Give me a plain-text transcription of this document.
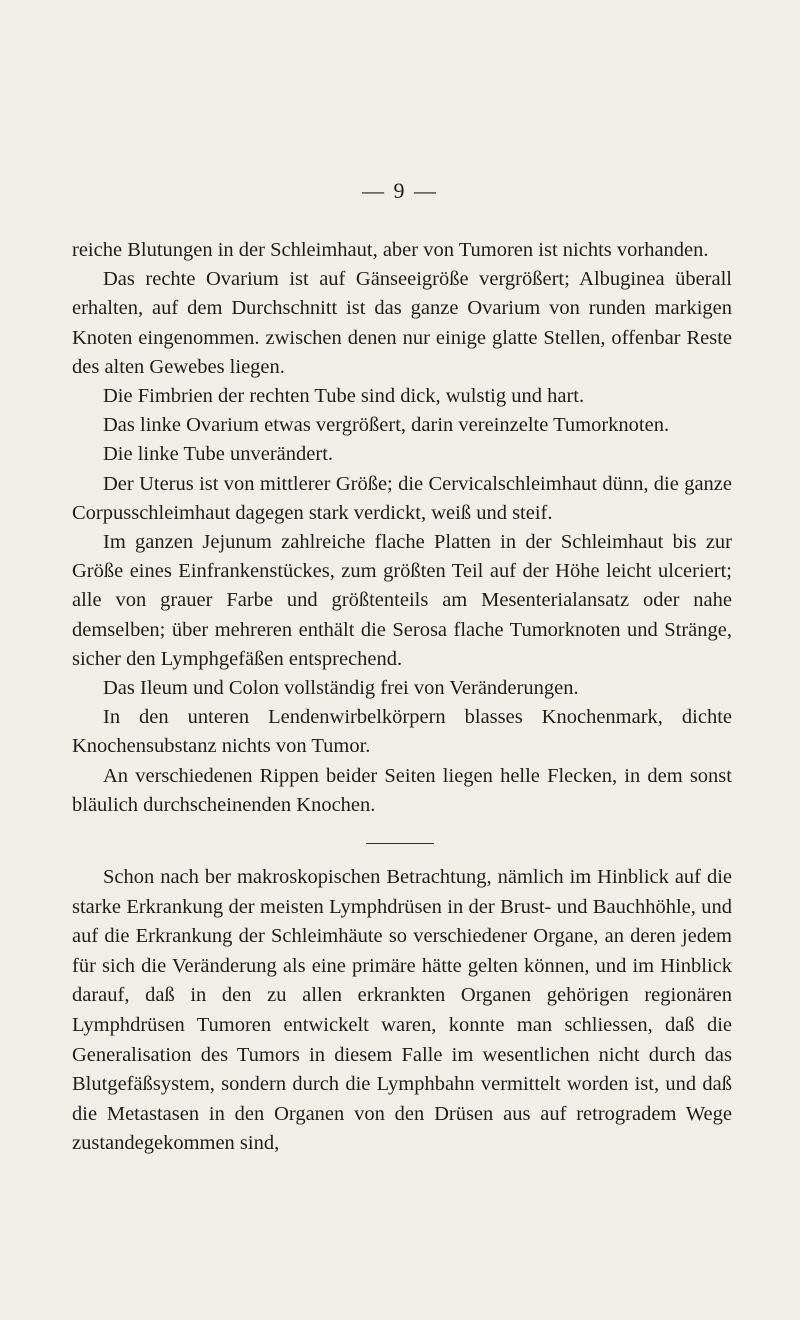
— 9 —

reiche Blutungen in der Schleimhaut, aber von Tumoren ist nichts vorhanden.

Das rechte Ovarium ist auf Gänseeigröße vergrößert; Albuginea überall erhalten, auf dem Durchschnitt ist das ganze Ovarium von runden markigen Knoten eingenommen. zwischen denen nur einige glatte Stellen, offenbar Reste des alten Gewebes liegen.

Die Fimbrien der rechten Tube sind dick, wulstig und hart.

Das linke Ovarium etwas vergrößert, darin vereinzelte Tumorknoten.

Die linke Tube unverändert.

Der Uterus ist von mittlerer Größe; die Cervicalschleimhaut dünn, die ganze Corpusschleimhaut dagegen stark verdickt, weiß und steif.

Im ganzen Jejunum zahlreiche flache Platten in der Schleimhaut bis zur Größe eines Einfrankenstückes, zum größten Teil auf der Höhe leicht ulceriert; alle von grauer Farbe und größtenteils am Mesenterialansatz oder nahe demselben; über mehreren enthält die Serosa flache Tumorknoten und Stränge, sicher den Lymphgefäßen entsprechend.

Das Ileum und Colon vollständig frei von Veränderungen.

In den unteren Lendenwirbelkörpern blasses Knochenmark, dichte Knochensubstanz nichts von Tumor.

An verschiedenen Rippen beider Seiten liegen helle Flecken, in dem sonst bläulich durchscheinenden Knochen.

Schon nach ber makroskopischen Betrachtung, nämlich im Hinblick auf die starke Erkrankung der meisten Lymphdrüsen in der Brust- und Bauchhöhle, und auf die Erkrankung der Schleimhäute so verschiedener Organe, an deren jedem für sich die Veränderung als eine primäre hätte gelten können, und im Hinblick darauf, daß in den zu allen erkrankten Organen gehörigen regionären Lymphdrüsen Tumoren entwickelt waren, konnte man schliessen, daß die Generalisation des Tumors in diesem Falle im wesentlichen nicht durch das Blutgefäßsystem, sondern durch die Lymphbahn vermittelt worden ist, und daß die Metastasen in den Organen von den Drüsen aus auf retrogradem Wege zustandegekommen sind,
